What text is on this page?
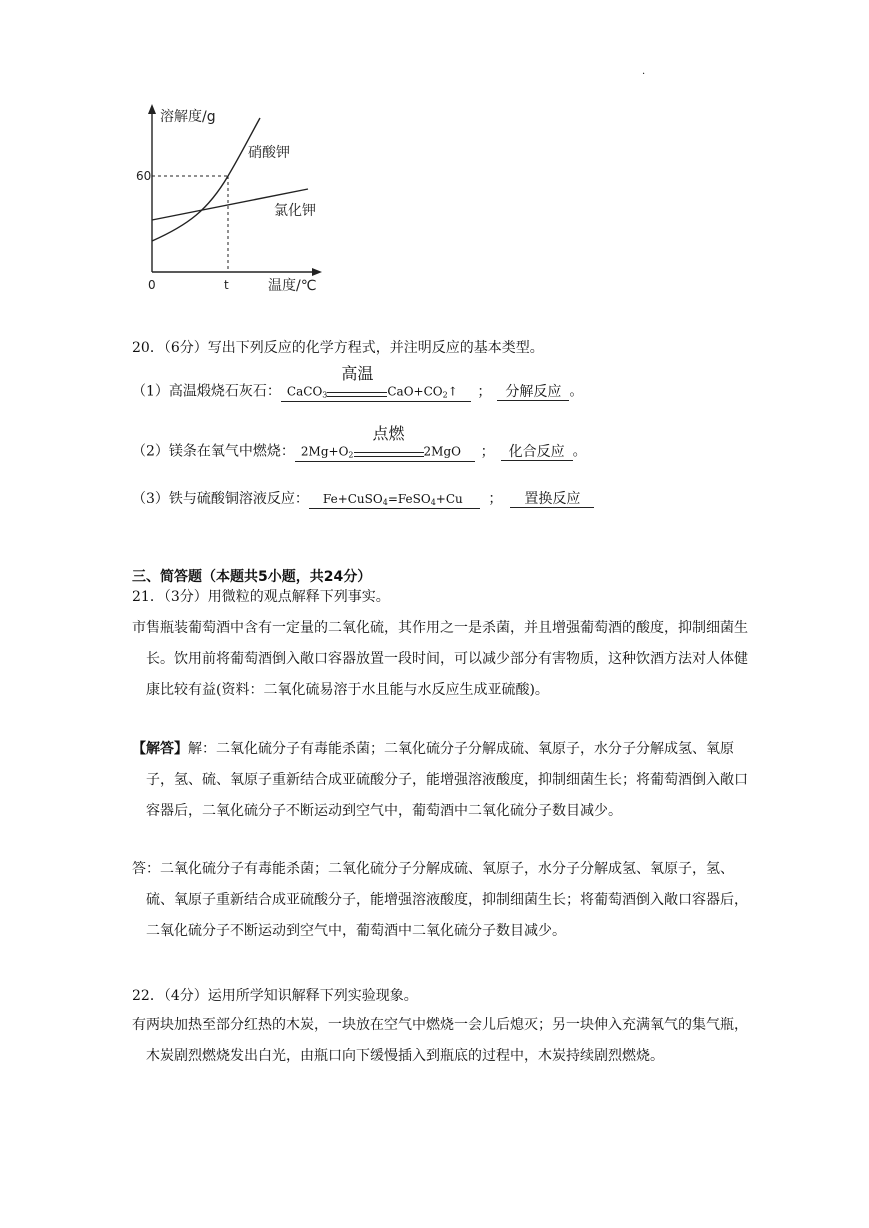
.
溶解度/g
温度/℃
0	t
60
硝酸钾
氯化钾
20．（6分）写出下列反应的化学方程式，并注明反应的基本类型。
（1）高温煅烧石灰石： CaCO$_3$
高温
$CaO+CO_2↑$ ； 分解反应 。
（2）镁条在氧气中燃烧： $2Mg+O_2$
点燃
2MgO ； 化合反应 。
（3）铁与硫酸铜溶液反应： Fe+CuSO$_4$=FeSO$_4$+Cu ； 置换反应
三、简答题（本题共5小题，共24分）
21．（3分）用微粒的观点解释下列事实。
市售瓶装葡萄酒中含有一定量的二氧化硫，其作用之一是杀菌，并且增强葡萄酒的酸度，抑制细菌生长。饮用前将葡萄酒倒入敞口容器放置一段时间，可以减少部分有害物质，这种饮酒方法对人体健康比较有益(资料：二氧化硫易溶于水且能与水反应生成亚硫酸)。
【解答】解：二氧化硫分子有毒能杀菌；二氧化硫分子分解成硫、氧原子，水分子分解成氢、氧原子，氢、硫、氧原子重新结合成亚硫酸分子，能增强溶液酸度，抑制细菌生长；将葡萄酒倒入敞口容器后，二氧化硫分子不断运动到空气中，葡萄酒中二氧化硫分子数目减少。
答：二氧化硫分子有毒能杀菌；二氧化硫分子分解成硫、氧原子，水分子分解成氢、氧原子，氢、硫、氧原子重新结合成亚硫酸分子，能增强溶液酸度，抑制细菌生长；将葡萄酒倒入敞口容器后，二氧化硫分子不断运动到空气中，葡萄酒中二氧化硫分子数目减少。
22．（4分）运用所学知识解释下列实验现象。
有两块加热至部分红热的木炭，一块放在空气中燃烧一会儿后熄灭；另一块伸入充满氧气的集气瓶，木炭剧烈燃烧发出白光，由瓶口向下缓慢插入到瓶底的过程中，木炭持续剧烈燃烧。
